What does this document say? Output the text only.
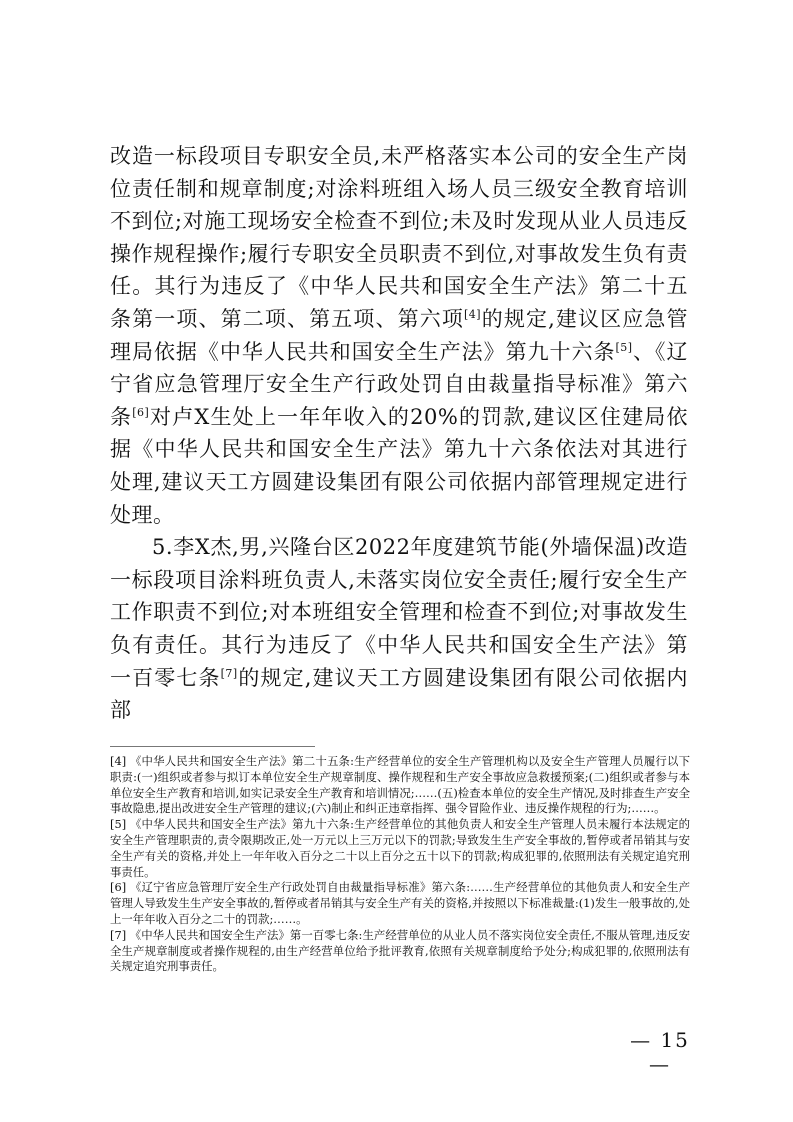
改造一标段项目专职安全员,未严格落实本公司的安全生产岗位责任制和规章制度;对涂料班组入场人员三级安全教育培训不到位;对施工现场安全检查不到位;未及时发现从业人员违反操作规程操作;履行专职安全员职责不到位,对事故发生负有责任。其行为违反了《中华人民共和国安全生产法》第二十五条第一项、第二项、第五项、第六项[4]的规定,建议区应急管理局依据《中华人民共和国安全生产法》第九十六条[5]、《辽宁省应急管理厅安全生产行政处罚自由裁量指导标准》第六条[6]对卢X生处上一年年收入的20%的罚款,建议区住建局依据《中华人民共和国安全生产法》第九十六条依法对其进行处理,建议天工方圆建设集团有限公司依据内部管理规定进行处理。

5.李X杰,男,兴隆台区2022年度建筑节能(外墙保温)改造一标段项目涂料班负责人,未落实岗位安全责任;履行安全生产工作职责不到位;对本班组安全管理和检查不到位;对事故发生负有责任。其行为违反了《中华人民共和国安全生产法》第一百零七条[7]的规定,建议天工方圆建设集团有限公司依据内部

[4] 《中华人民共和国安全生产法》第二十五条:生产经营单位的安全生产管理机构以及安全生产管理人员履行以下职责:(一)组织或者参与拟订本单位安全生产规章制度、操作规程和生产安全事故应急救援预案;(二)组织或者参与本单位安全生产教育和培训,如实记录安全生产教育和培训情况;……(五)检查本单位的安全生产情况,及时排查生产安全事故隐患,提出改进安全生产管理的建议;(六)制止和纠正违章指挥、强令冒险作业、违反操作规程的行为;……。

[5] 《中华人民共和国安全生产法》第九十六条:生产经营单位的其他负责人和安全生产管理人员未履行本法规定的安全生产管理职责的,责令限期改正,处一万元以上三万元以下的罚款;导致发生生产安全事故的,暂停或者吊销其与安全生产有关的资格,并处上一年年收入百分之二十以上百分之五十以下的罚款;构成犯罪的,依照刑法有关规定追究刑事责任。

[6] 《辽宁省应急管理厅安全生产行政处罚自由裁量指导标准》第六条:……生产经营单位的其他负责人和安全生产管理人导致发生生产安全事故的,暂停或者吊销其与安全生产有关的资格,并按照以下标准裁量:(1)发生一般事故的,处上一年年收入百分之二十的罚款;……。

[7] 《中华人民共和国安全生产法》第一百零七条:生产经营单位的从业人员不落实岗位安全责任,不服从管理,违反安全生产规章制度或者操作规程的,由生产经营单位给予批评教育,依照有关规章制度给予处分;构成犯罪的,依照刑法有关规定追究刑事责任。

— 15 —
